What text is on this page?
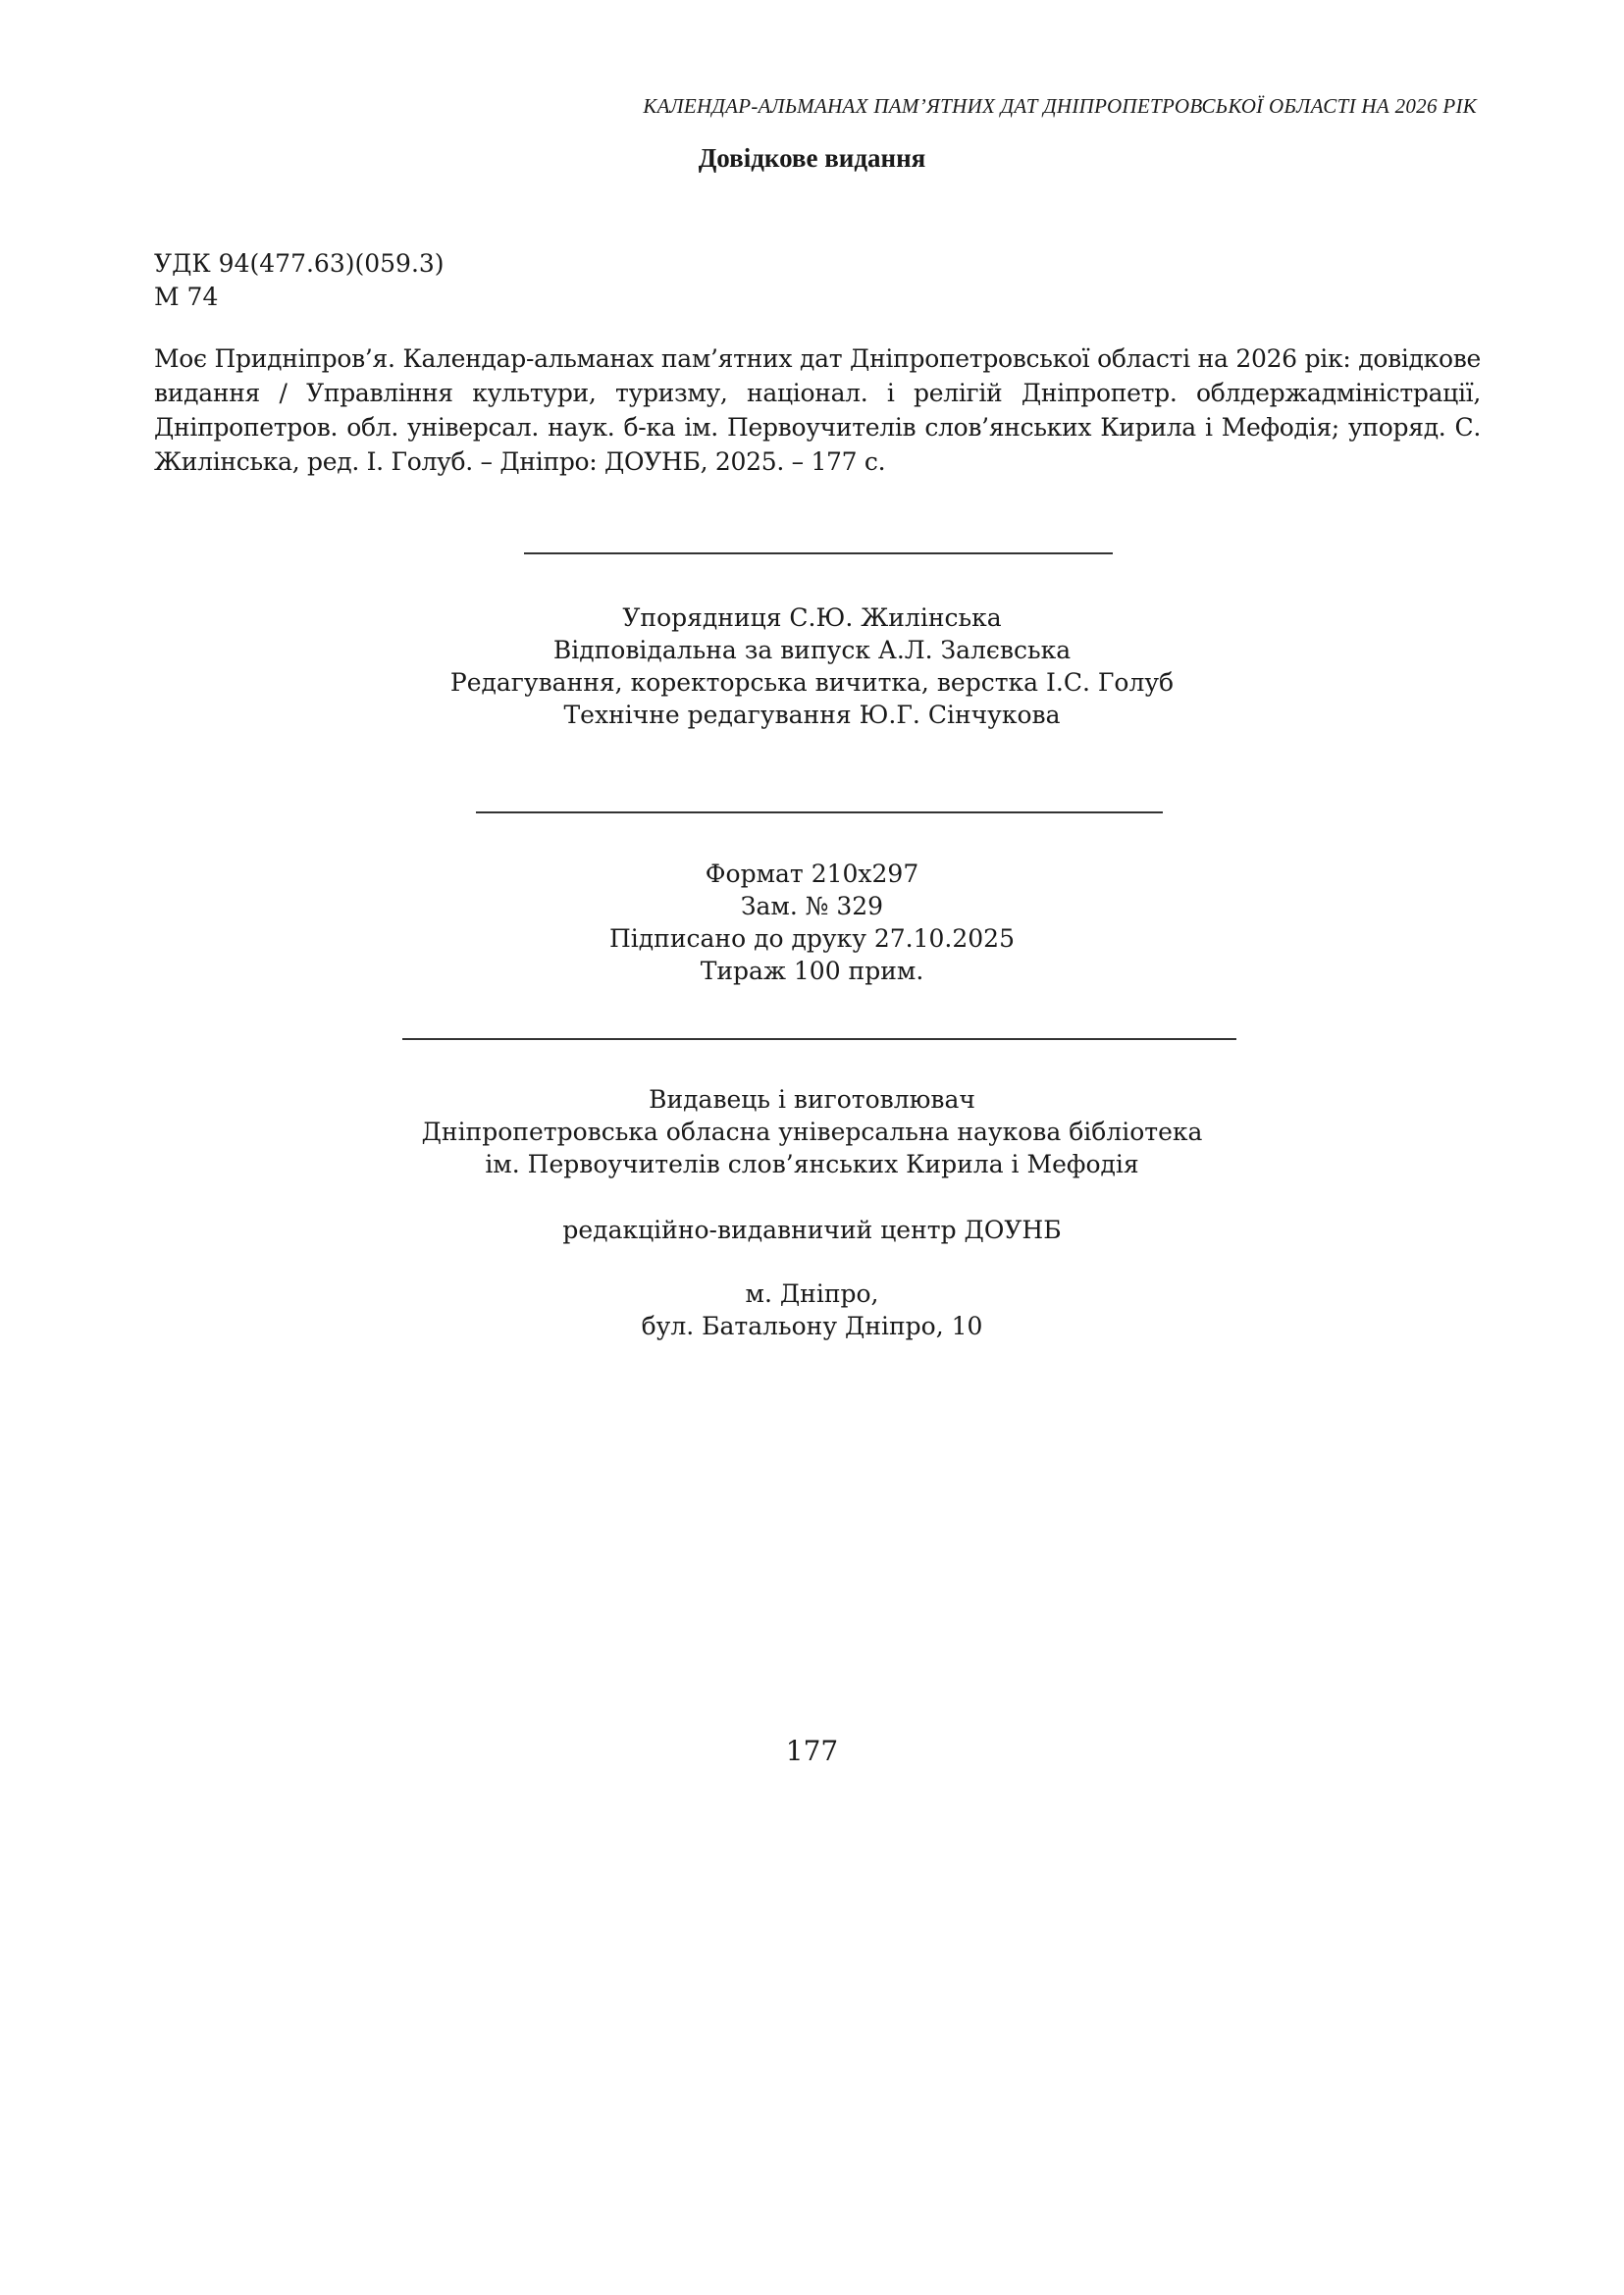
КАЛЕНДАР-АЛЬМАНАХ ПАМ’ЯТНИХ ДАТ ДНІПРОПЕТРОВСЬКОЇ ОБЛАСТІ НА 2026 РІК
Довідкове видання
УДК 94(477.63)(059.3)
М 74
Моє Придніпров’я. Календар-альманах пам’ятних дат Дніпропетровської області на 2026 рік: довідкове видання / Управління культури, туризму, націонал. і релігій Дніпропетр. облдержадміністрації, Дніпропетров. обл. універсал. наук. б-ка ім. Первоучителів слов’янських Кирила і Мефодія; упоряд. С. Жилінська, ред. І. Голуб. – Дніпро: ДОУНБ, 2025. – 177 с.
Упорядниця С.Ю. Жилінська
Відповідальна за випуск А.Л. Залєвська
Редагування, коректорська вичитка, верстка І.С. Голуб
Технічне редагування Ю.Г. Сінчукова
Формат 210х297
Зам. № 329
Підписано до друку 27.10.2025
Тираж 100 прим.
Видавець і виготовлювач
Дніпропетровська обласна універсальна наукова бібліотека
ім. Первоучителів слов’янських Кирила і Мефодія
редакційно-видавничий центр ДОУНБ
м. Дніпро,
бул. Батальону Дніпро, 10
177
